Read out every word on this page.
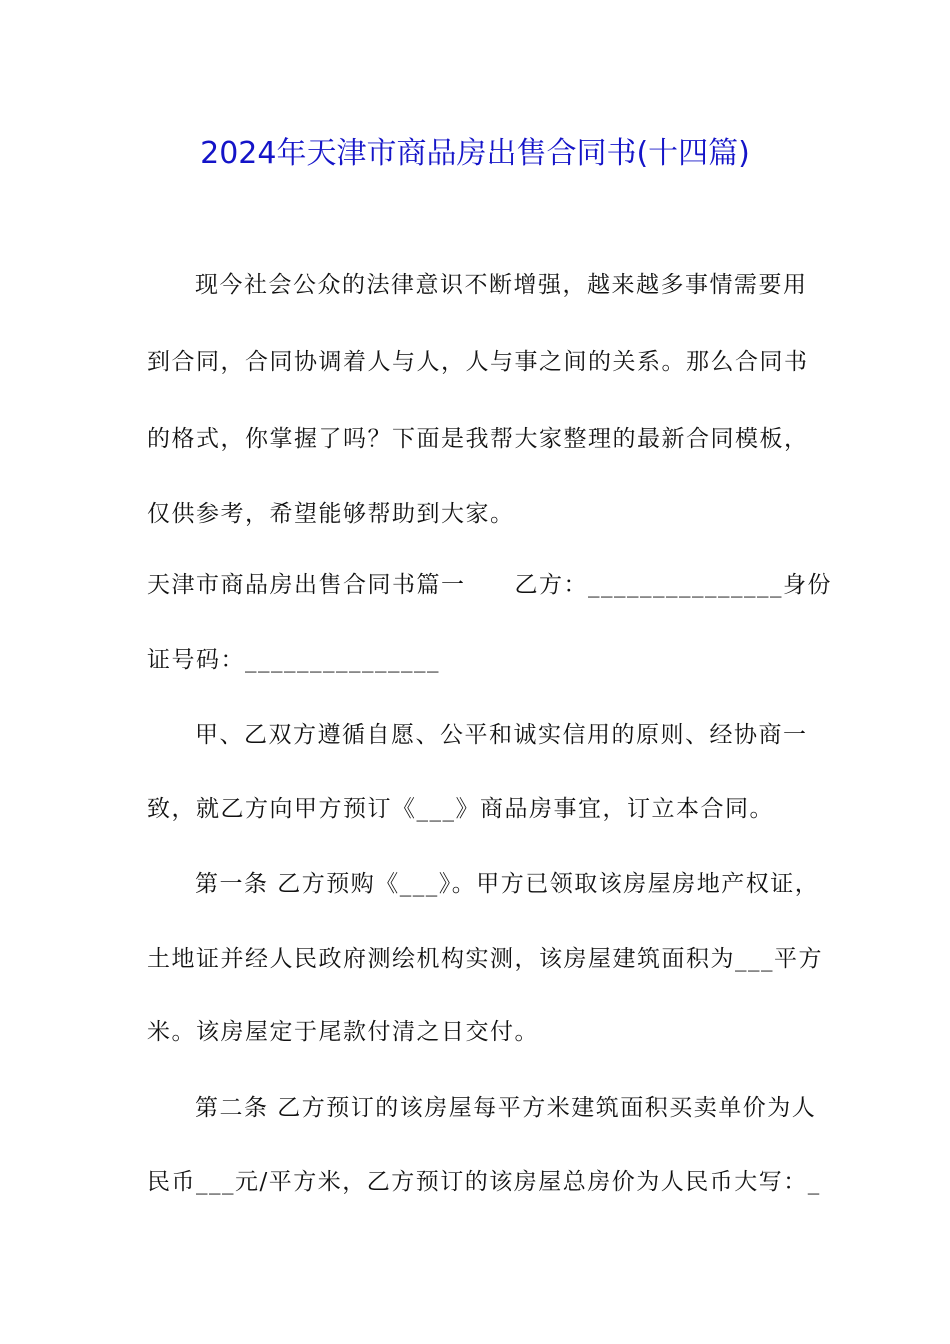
2024年天津市商品房出售合同书(十四篇)
现今社会公众的法律意识不断增强，越来越多事情需要用
到合同，合同协调着人与人，人与事之间的关系。那么合同书
的格式，你掌握了吗？下面是我帮大家整理的最新合同模板，
仅供参考，希望能够帮助到大家。
天津市商品房出售合同书篇一　　乙方：_______________身份
证号码：_______________
甲、乙双方遵循自愿、公平和诚实信用的原则、经协商一
致，就乙方向甲方预订《___》商品房事宜，订立本合同。
第一条 乙方预购《___》。甲方已领取该房屋房地产权证，
土地证并经人民政府测绘机构实测，该房屋建筑面积为___平方
米。该房屋定于尾款付清之日交付。
第二条 乙方预订的该房屋每平方米建筑面积买卖单价为人
民币___元/平方米，乙方预订的该房屋总房价为人民币大写：_
